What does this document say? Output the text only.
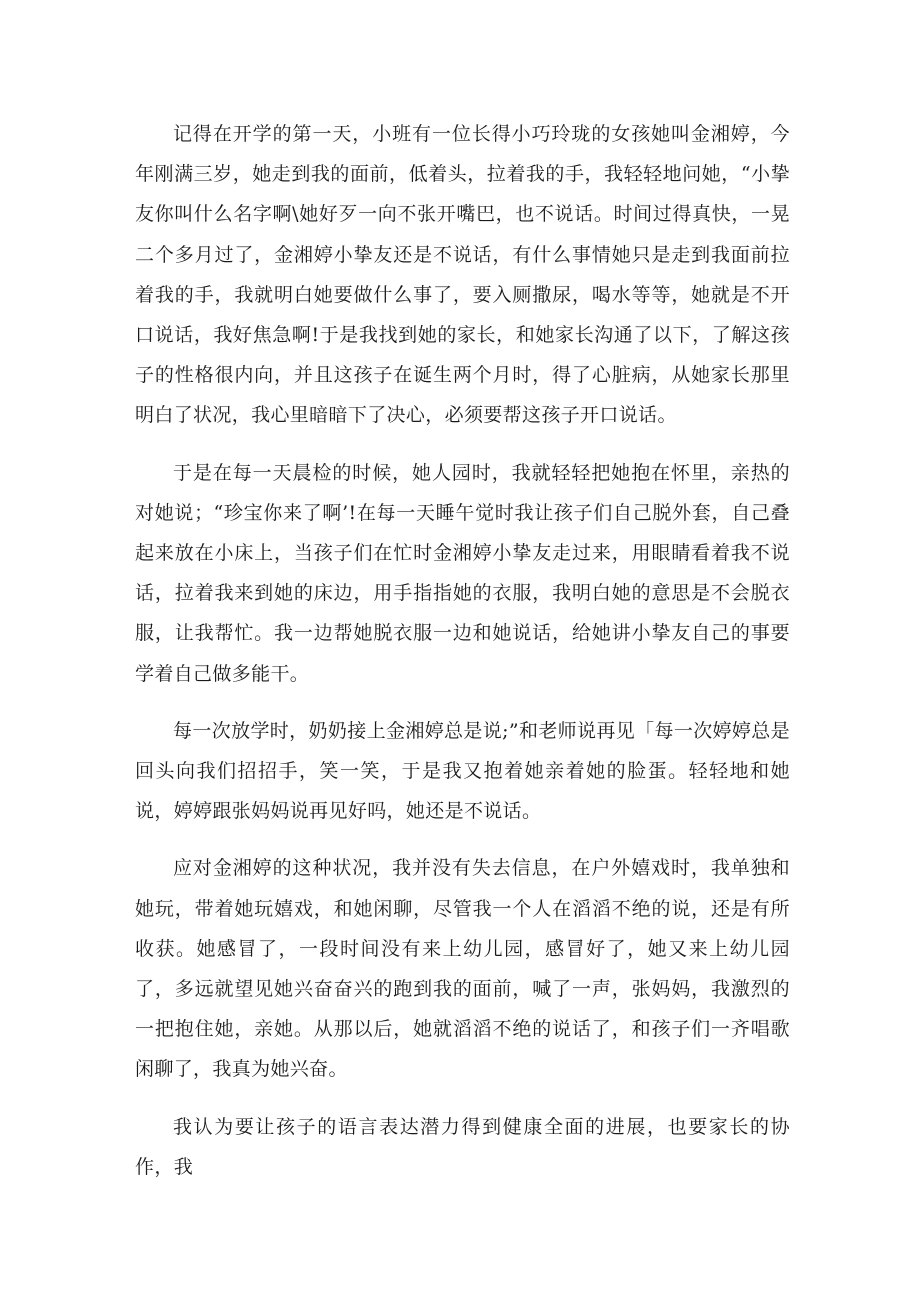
记得在开学的第一天，小班有一位长得小巧玲珑的女孩她叫金湘婷，今年刚满三岁，她走到我的面前，低着头，拉着我的手，我轻轻地问她，“小挚友你叫什么名字啊\她好歹一向不张开嘴巴，也不说话。时间过得真快，一晃二个多月过了，金湘婷小挚友还是不说话，有什么事情她只是走到我面前拉着我的手，我就明白她要做什么事了，要入厕撒尿，喝水等等，她就是不开口说话，我好焦急啊!于是我找到她的家长，和她家长沟通了以下，了解这孩子的性格很内向，并且这孩子在诞生两个月时，得了心脏病，从她家长那里明白了状况，我心里暗暗下了决心，必须要帮这孩子开口说话。

于是在每一天晨检的时候，她人园时，我就轻轻把她抱在怀里，亲热的对她说；“珍宝你来了啊’!在每一天睡午觉时我让孩子们自己脱外套，自己叠起来放在小床上，当孩子们在忙时金湘婷小挚友走过来，用眼睛看着我不说话，拉着我来到她的床边，用手指指她的衣服，我明白她的意思是不会脱衣服，让我帮忙。我一边帮她脱衣服一边和她说话，给她讲小挚友自己的事要学着自己做多能干。

每一次放学时，奶奶接上金湘婷总是说;”和老师说再见「每一次婷婷总是回头向我们招招手，笑一笑，于是我又抱着她亲着她的脸蛋。轻轻地和她说，婷婷跟张妈妈说再见好吗，她还是不说话。

应对金湘婷的这种状况，我并没有失去信息，在户外嬉戏时，我单独和她玩，带着她玩嬉戏，和她闲聊，尽管我一个人在滔滔不绝的说，还是有所收获。她感冒了，一段时间没有来上幼儿园，感冒好了，她又来上幼儿园了，多远就望见她兴奋奋兴的跑到我的面前，喊了一声，张妈妈，我激烈的一把抱住她，亲她。从那以后，她就滔滔不绝的说话了，和孩子们一齐唱歌闲聊了，我真为她兴奋。

我认为要让孩子的语言表达潜力得到健康全面的进展，也要家长的协作，我
